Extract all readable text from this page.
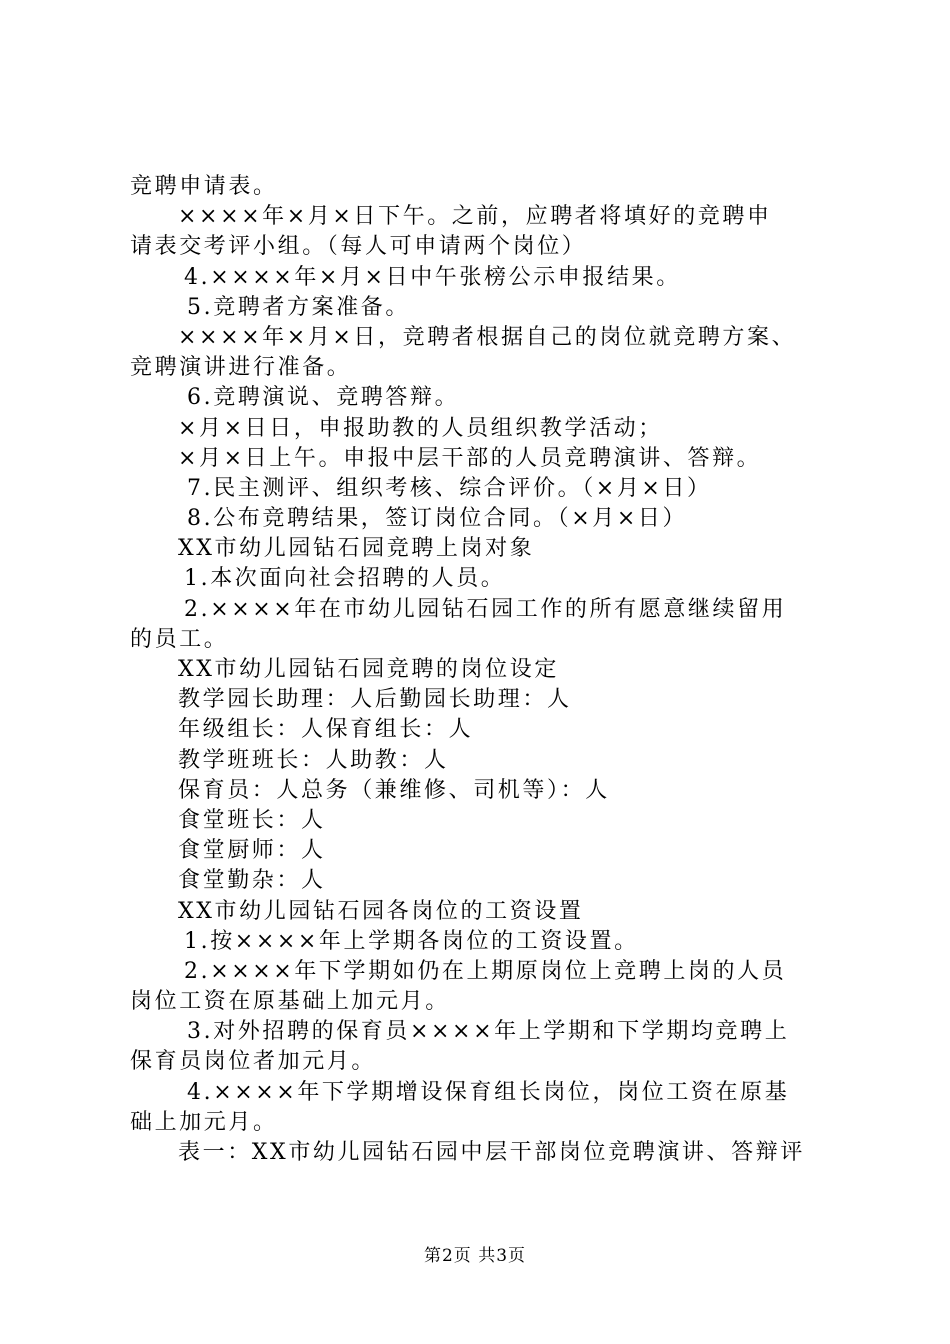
竞聘申请表。
××××年×月×日下午。之前，应聘者将填好的竞聘申
请表交考评小组。（每人可申请两个岗位）
4.××××年×月×日中午张榜公示申报结果。
5.竞聘者方案准备。
××××年×月×日，竞聘者根据自己的岗位就竞聘方案、
竞聘演讲进行准备。
6.竞聘演说、竞聘答辩。
×月×日日，申报助教的人员组织教学活动；
×月×日上午。申报中层干部的人员竞聘演讲、答辩。
7.民主测评、组织考核、综合评价。（×月×日）
8.公布竞聘结果，签订岗位合同。（×月×日）
XX市幼儿园钻石园竞聘上岗对象
1.本次面向社会招聘的人员。
2.××××年在市幼儿园钻石园工作的所有愿意继续留用
的员工。
XX市幼儿园钻石园竞聘的岗位设定
教学园长助理：人后勤园长助理：人
年级组长：人保育组长：人
教学班班长：人助教：人
保育员：人总务（兼维修、司机等）：人
食堂班长：人
食堂厨师：人
食堂勤杂：人
XX市幼儿园钻石园各岗位的工资设置
1.按××××年上学期各岗位的工资设置。
2.××××年下学期如仍在上期原岗位上竞聘上岗的人员
岗位工资在原基础上加元月。
3.对外招聘的保育员××××年上学期和下学期均竞聘上
保育员岗位者加元月。
4.××××年下学期增设保育组长岗位，岗位工资在原基
础上加元月。
表一：XX市幼儿园钻石园中层干部岗位竞聘演讲、答辩评
第2页 共3页
